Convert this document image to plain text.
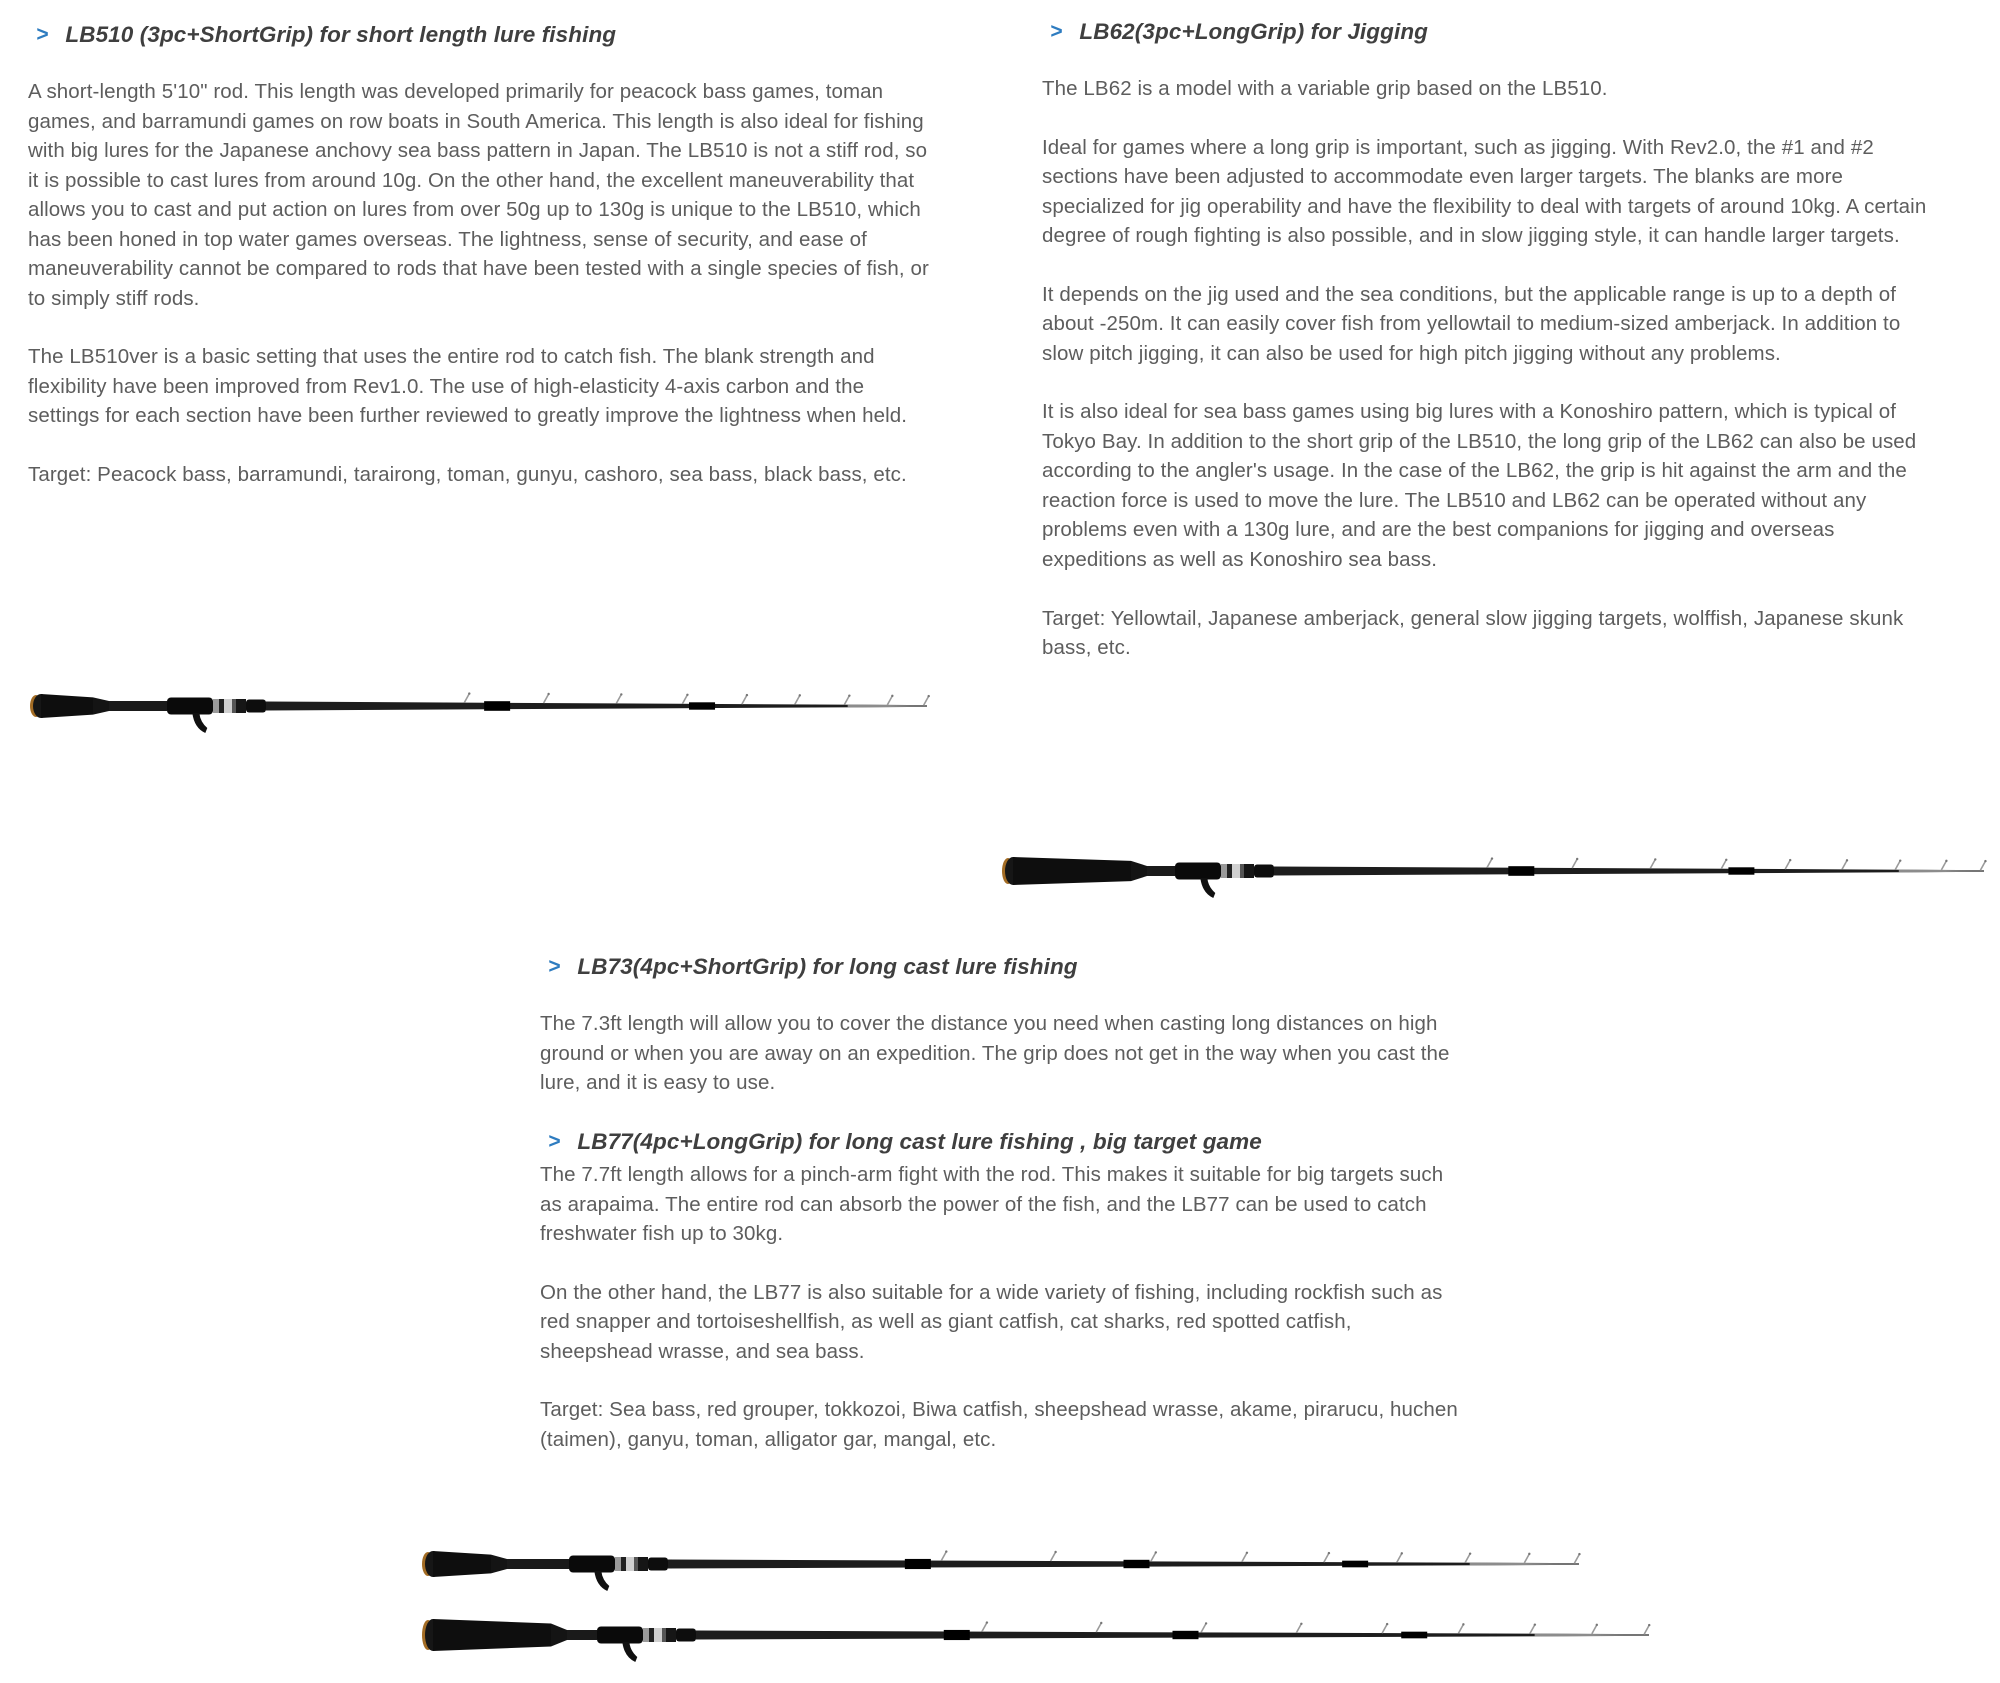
> LB510 (3pc+ShortGrip) for short length lure fishing

A short-length 5'10" rod. This length was developed primarily for peacock bass games, toman games, and barramundi games on row boats in South America. This length is also ideal for fishing with big lures for the Japanese anchovy sea bass pattern in Japan. The LB510 is not a stiff rod, so it is possible to cast lures from around 10g. On the other hand, the excellent maneuverability that allows you to cast and put action on lures from over 50g up to 130g is unique to the LB510, which has been honed in top water games overseas. The lightness, sense of security, and ease of maneuverability cannot be compared to rods that have been tested with a single species of fish, or to simply stiff rods.

The LB510ver is a basic setting that uses the entire rod to catch fish. The blank strength and flexibility have been improved from Rev1.0. The use of high-elasticity 4-axis carbon and the settings for each section have been further reviewed to greatly improve the lightness when held.

Target: Peacock bass, barramundi, tarairong, toman, gunyu, cashoro, sea bass, black bass, etc.

> LB62(3pc+LongGrip) for Jigging

The LB62 is a model with a variable grip based on the LB510.

Ideal for games where a long grip is important, such as jigging. With Rev2.0, the #1 and #2 sections have been adjusted to accommodate even larger targets. The blanks are more specialized for jig operability and have the flexibility to deal with targets of around 10kg. A certain degree of rough fighting is also possible, and in slow jigging style, it can handle larger targets.

It depends on the jig used and the sea conditions, but the applicable range is up to a depth of about -250m. It can easily cover fish from yellowtail to medium-sized amberjack. In addition to slow pitch jigging, it can also be used for high pitch jigging without any problems.

It is also ideal for sea bass games using big lures with a Konoshiro pattern, which is typical of Tokyo Bay. In addition to the short grip of the LB510, the long grip of the LB62 can also be used according to the angler's usage. In the case of the LB62, the grip is hit against the arm and the reaction force is used to move the lure. The LB510 and LB62 can be operated without any problems even with a 130g lure, and are the best companions for jigging and overseas expeditions as well as Konoshiro sea bass.

Target: Yellowtail, Japanese amberjack, general slow jigging targets, wolffish, Japanese skunk bass, etc.

> LB73(4pc+ShortGrip) for long cast lure fishing

The 7.3ft length will allow you to cover the distance you need when casting long distances on high ground or when you are away on an expedition. The grip does not get in the way when you cast the lure, and it is easy to use.

> LB77(4pc+LongGrip) for long cast lure fishing , big target game

The 7.7ft length allows for a pinch-arm fight with the rod. This makes it suitable for big targets such as arapaima. The entire rod can absorb the power of the fish, and the LB77 can be used to catch freshwater fish up to 30kg.

On the other hand, the LB77 is also suitable for a wide variety of fishing, including rockfish such as red snapper and tortoiseshellfish, as well as giant catfish, cat sharks, red spotted catfish, sheepshead wrasse, and sea bass.

Target: Sea bass, red grouper, tokkozoi, Biwa catfish, sheepshead wrasse, akame, pirarucu, huchen (taimen), ganyu, toman, alligator gar, mangal, etc.
